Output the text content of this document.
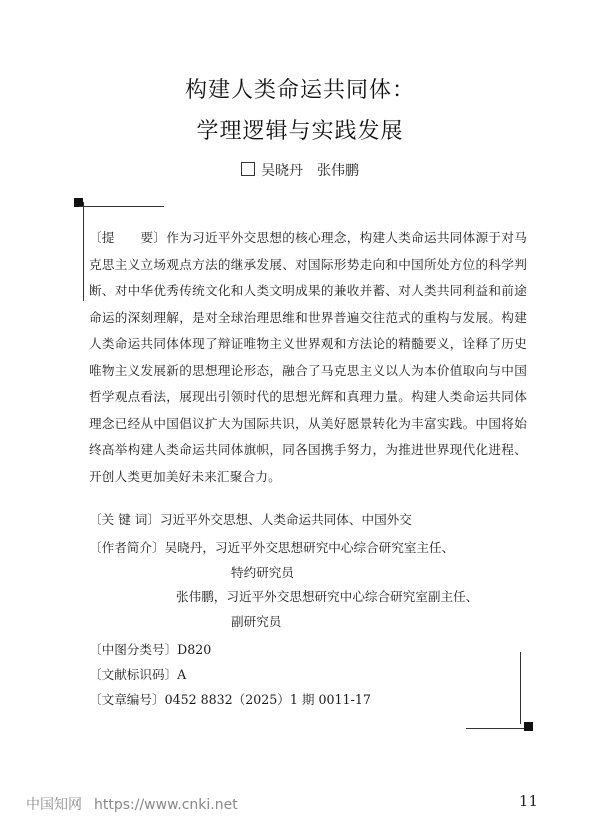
构建人类命运共同体：
学理逻辑与实践发展
吴晓丹 张伟鹏
〔提　　要〕作为习近平外交思想的核心理念，构建人类命运共同体源于对马克思主义立场观点方法的继承发展、对国际形势走向和中国所处方位的科学判断、对中华优秀传统文化和人类文明成果的兼收并蓄、对人类共同利益和前途命运的深刻理解，是对全球治理思维和世界普遍交往范式的重构与发展。构建人类命运共同体体现了辩证唯物主义世界观和方法论的精髓要义，诠释了历史唯物主义发展新的思想理论形态，融合了马克思主义以人为本价值取向与中国哲学观点看法，展现出引领时代的思想光辉和真理力量。构建人类命运共同体理念已经从中国倡议扩大为国际共识，从美好愿景转化为丰富实践。中国将始终高举构建人类命运共同体旗帜，同各国携手努力，为推进世界现代化进程、开创人类更加美好未来汇聚合力。
〔关 键 词〕习近平外交思想、人类命运共同体、中国外交
〔作者简介〕吴晓丹，习近平外交思想研究中心综合研究室主任、
特约研究员
张伟鹏，习近平外交思想研究中心综合研究室副主任、
副研究员
〔中图分类号〕D820
〔文献标识码〕A
〔文章编号〕0452 8832（2025）1 期 0011-17
中国知网 https://www.cnki.net	11
